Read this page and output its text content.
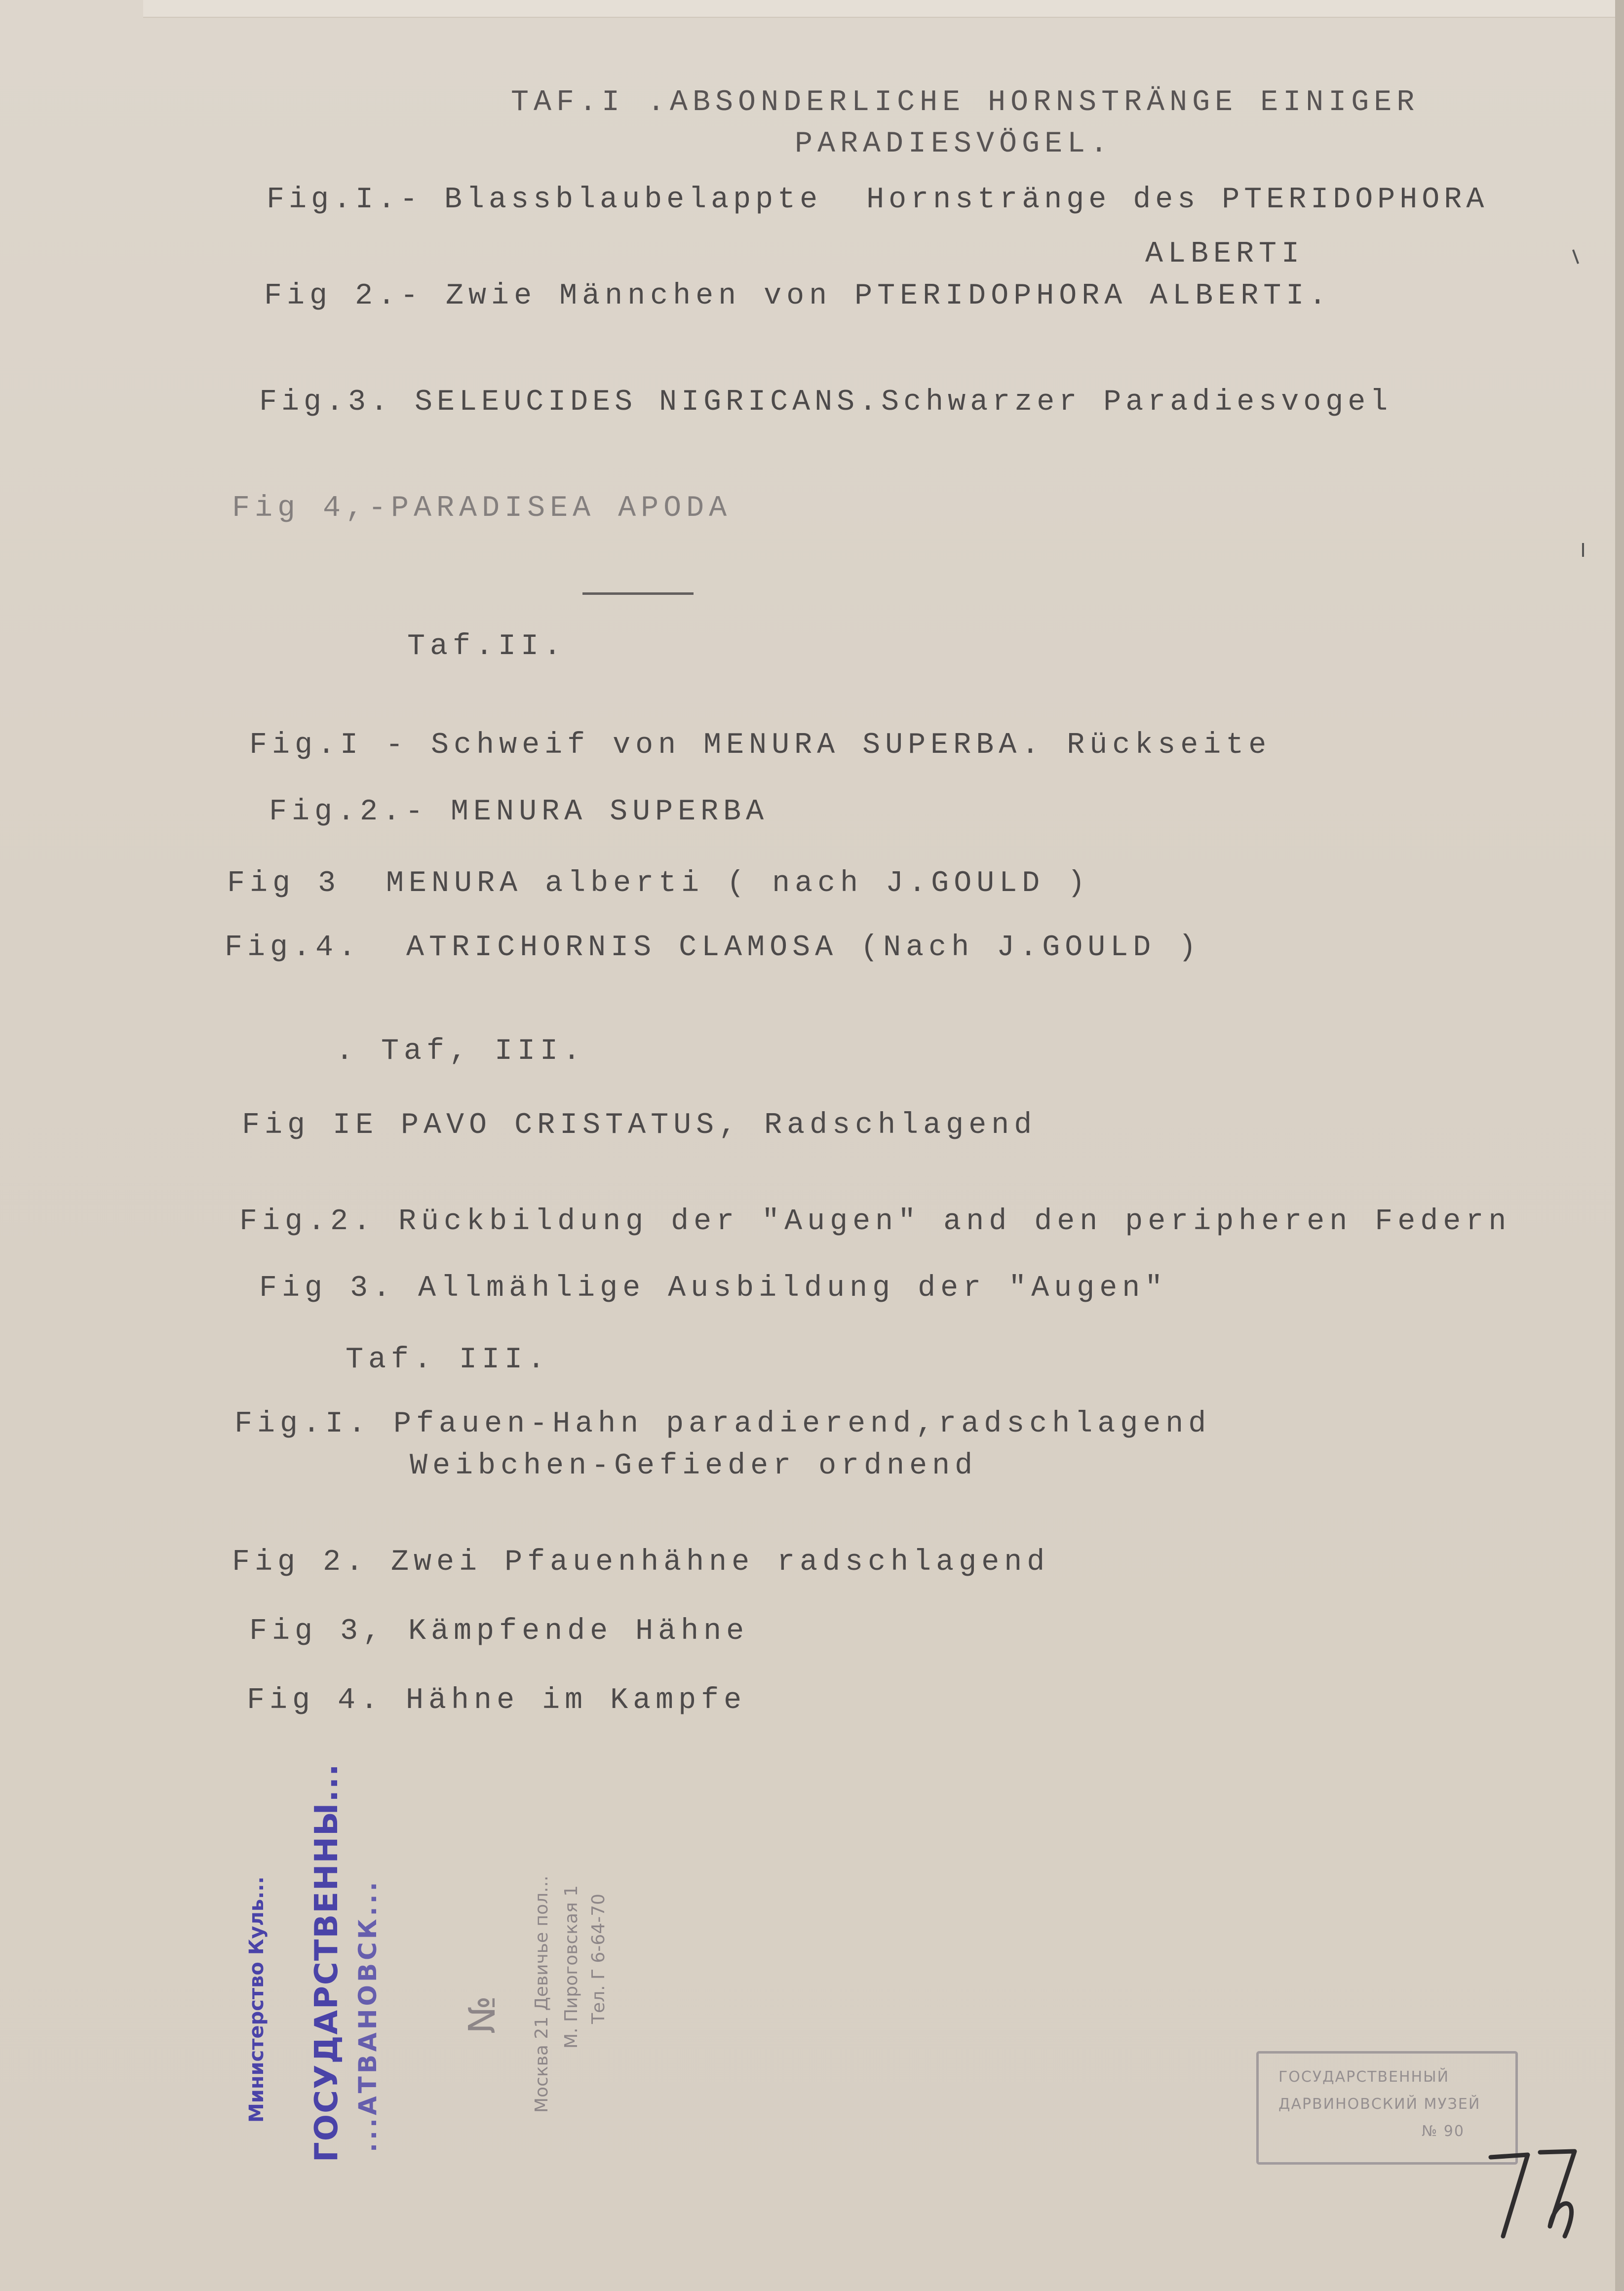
TAF.I .ABSONDERLICHE HORNSTRÄNGE EINIGER
PARADIESVÖGEL.
Fig.I.- Blassblaubelappte  Hornstränge des PTERIDOPHORA
ALBERTI
Fig 2.- Zwie Männchen von PTERIDOPHORA ALBERTI.
Fig.3. SELEUCIDES NIGRICANS.Schwarzer Paradiesvogel
Fig 4,-PARADISEA APODA
Taf.II.
Fig.I - Schweif von MENURA SUPERBA. Rückseite
Fig.2.- MENURA SUPERBA
Fig 3  MENURA alberti ( nach J.GOULD )
Fig.4.  ATRICHORNIS CLAMOSA (Nach J.GOULD )
. Taf, III.
Fig IE PAVO CRISTATUS, Radschlagend
Fig.2. Rückbildung der "Augen" and den peripheren Federn
Fig 3. Allmählige Ausbildung der "Augen"
Taf. III.
Fig.I. Pfauen-Hahn paradierend,radschlagend
Weibchen-Gefieder ordnend
Fig 2. Zwei Pfauenhähne radschlagend
Fig 3, Kämpfende Hähne
Fig 4. Hähne im Kampfe
Министерство Куль... ГОСУДАРСТВЕННЫ... ...АТВАНОВСК... № Москва 21 Девичье пол... М. Пироговская 1 Тел. Г 6-64-70
ГОСУДАРСТВЕННЫЙ
ДАРВИНОВСКИЙ МУЗЕЙ
№ 90	70
